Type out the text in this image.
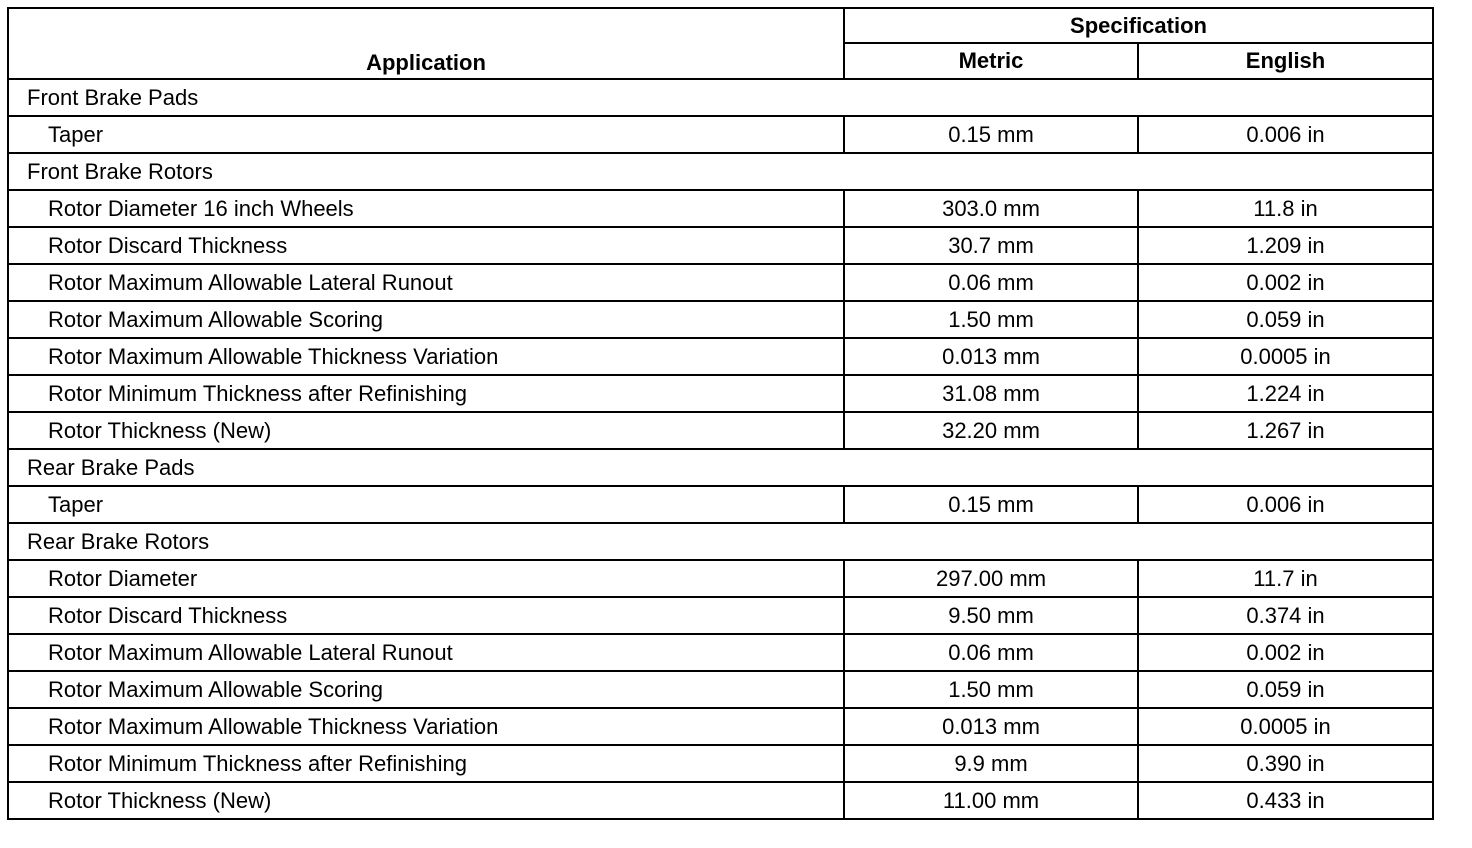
Application	Specification	
	Metric	English
Front Brake Pads		
Taper	0.15 mm	0.006 in
Front Brake Rotors		
Rotor Diameter 16 inch Wheels	303.0 mm	11.8 in
Rotor Discard Thickness	30.7 mm	1.209 in
Rotor Maximum Allowable Lateral Runout	0.06 mm	0.002 in
Rotor Maximum Allowable Scoring	1.50 mm	0.059 in
Rotor Maximum Allowable Thickness Variation	0.013 mm	0.0005 in
Rotor Minimum Thickness after Refinishing	31.08 mm	1.224 in
Rotor Thickness (New)	32.20 mm	1.267 in
Rear Brake Pads		
Taper	0.15 mm	0.006 in
Rear Brake Rotors		
Rotor Diameter	297.00 mm	11.7 in
Rotor Discard Thickness	9.50 mm	0.374 in
Rotor Maximum Allowable Lateral Runout	0.06 mm	0.002 in
Rotor Maximum Allowable Scoring	1.50 mm	0.059 in
Rotor Maximum Allowable Thickness Variation	0.013 mm	0.0005 in
Rotor Minimum Thickness after Refinishing	9.9 mm	0.390 in
Rotor Thickness (New)	11.00 mm	0.433 in
